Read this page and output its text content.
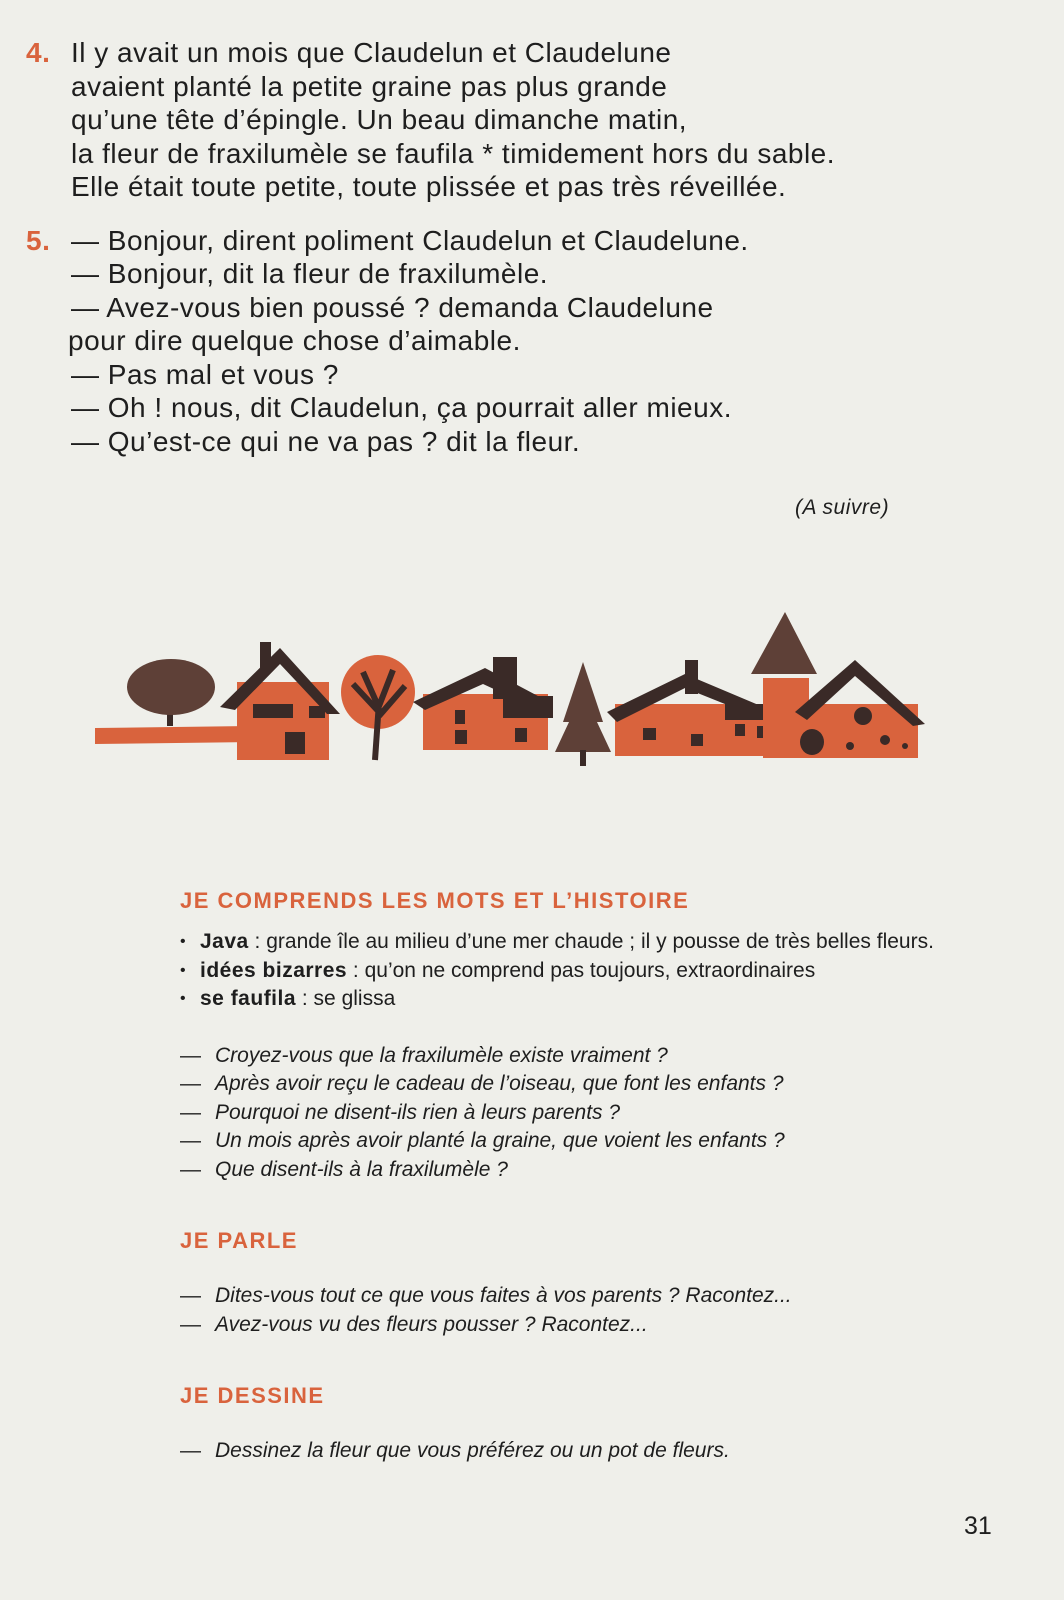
4. Il y avait un mois que Claudelun et Claudelune
avaient planté la petite graine pas plus grande
qu’une tête d’épingle. Un beau dimanche matin,
la fleur de fraxilumèle se faufila * timidement hors du sable.
Elle était toute petite, toute plissée et pas très réveillée.
5. — Bonjour, dirent poliment Claudelun et Claudelune.
— Bonjour, dit la fleur de fraxilumèle.
— Avez-vous bien poussé ? demanda Claudelune
pour dire quelque chose d’aimable.
— Pas mal et vous ?
— Oh ! nous, dit Claudelun, ça pourrait aller mieux.
— Qu’est-ce qui ne va pas ? dit la fleur.
(A suivre)
JE COMPRENDS LES MOTS ET L’HISTOIRE
• Java : grande île au milieu d’une mer chaude ; il y pousse de très belles fleurs.
• idées bizarres : qu’on ne comprend pas toujours, extraordinaires
• se faufila : se glissa
— Croyez-vous que la fraxilumèle existe vraiment ?
— Après avoir reçu le cadeau de l’oiseau, que font les enfants ?
— Pourquoi ne disent-ils rien à leurs parents ?
— Un mois après avoir planté la graine, que voient les enfants ?
— Que disent-ils à la fraxilumèle ?
JE PARLE
— Dites-vous tout ce que vous faites à vos parents ? Racontez...
— Avez-vous vu des fleurs pousser ? Racontez...
JE DESSINE
— Dessinez la fleur que vous préférez ou un pot de fleurs.
31
